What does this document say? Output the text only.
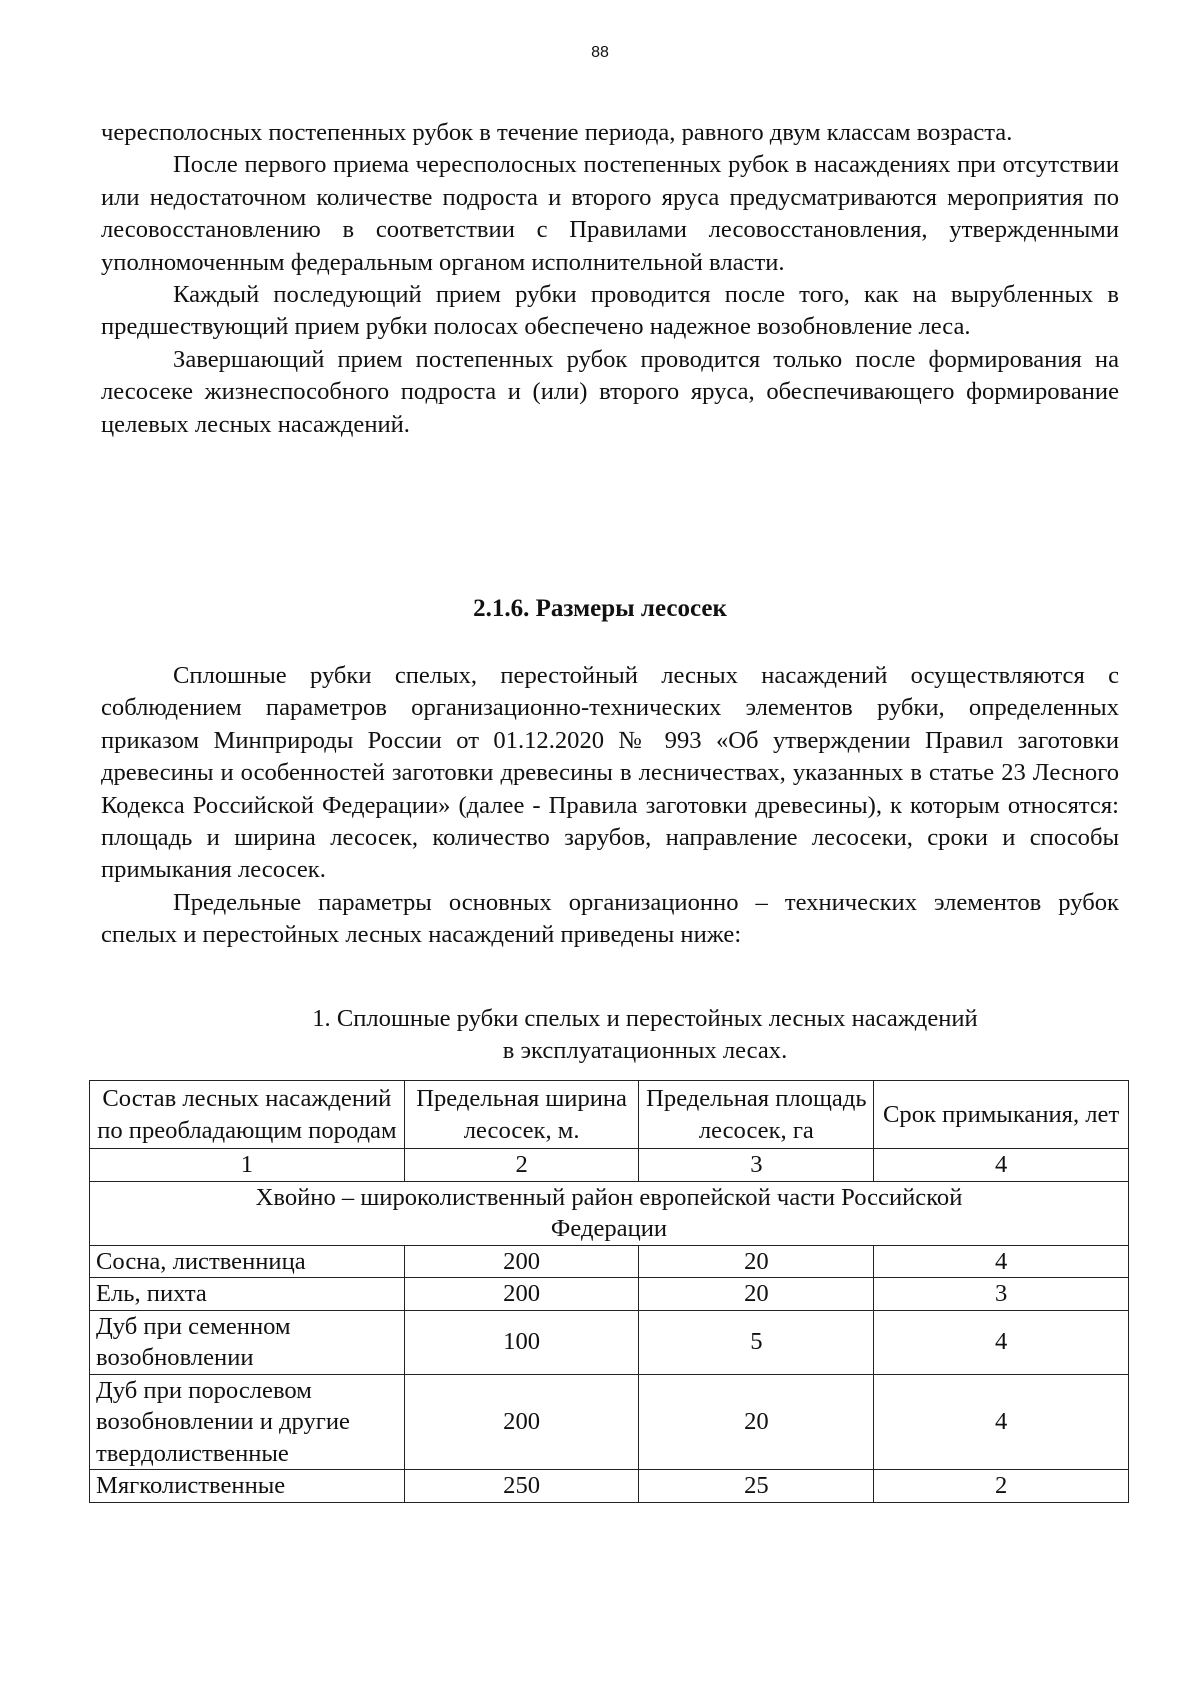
88

чересполосных постепенных рубок в течение периода, равного двум классам возраста.

После первого приема чересполосных постепенных рубок в насаждениях при отсутствии или недостаточном количестве подроста и второго яруса предусматриваются мероприятия по лесовосстановлению в соответствии с Правилами лесовосстановления, утвержденными уполномоченным федеральным органом исполнительной власти.

Каждый последующий прием рубки проводится после того, как на вырубленных в предшествующий прием рубки полосах обеспечено надежное возобновление леса.

Завершающий прием постепенных рубок проводится только после формирования на лесосеке жизнеспособного подроста и (или) второго яруса, обеспечивающего формирование целевых лесных насаждений.

2.1.6. Размеры лесосек

Сплошные рубки спелых, перестойный лесных насаждений осуществляются с соблюдением параметров организационно-технических элементов рубки, определенных приказом Минприроды России от 01.12.2020 № 993 «Об утверждении Правил заготовки древесины и особенностей заготовки древесины в лесничествах, указанных в статье 23 Лесного Кодекса Российской Федерации» (далее - Правила заготовки древесины), к которым относятся: площадь и ширина лесосек, количество зарубов, направление лесосеки, сроки и способы примыкания лесосек.

Предельные параметры основных организационно – технических элементов рубок спелых и перестойных лесных насаждений приведены ниже:

1. Сплошные рубки спелых и перестойных лесных насаждений
в эксплуатационных лесах.
Состав лесных насаждений по преобладающим породам	Предельная ширина лесосек, м.	Предельная площадь лесосек, га	Срок примыкания, лет
1	2	3	4
Хвойно – широколиственный район европейской части Российской Федерации			
Сосна, лиственница	200	20	4
Ель, пихта	200	20	3
Дуб при семенном возобновлении	100	5	4
Дуб при порослевом возобновлении и другие твердолиственные	200	20	4
Мягколиственные	250	25	2
